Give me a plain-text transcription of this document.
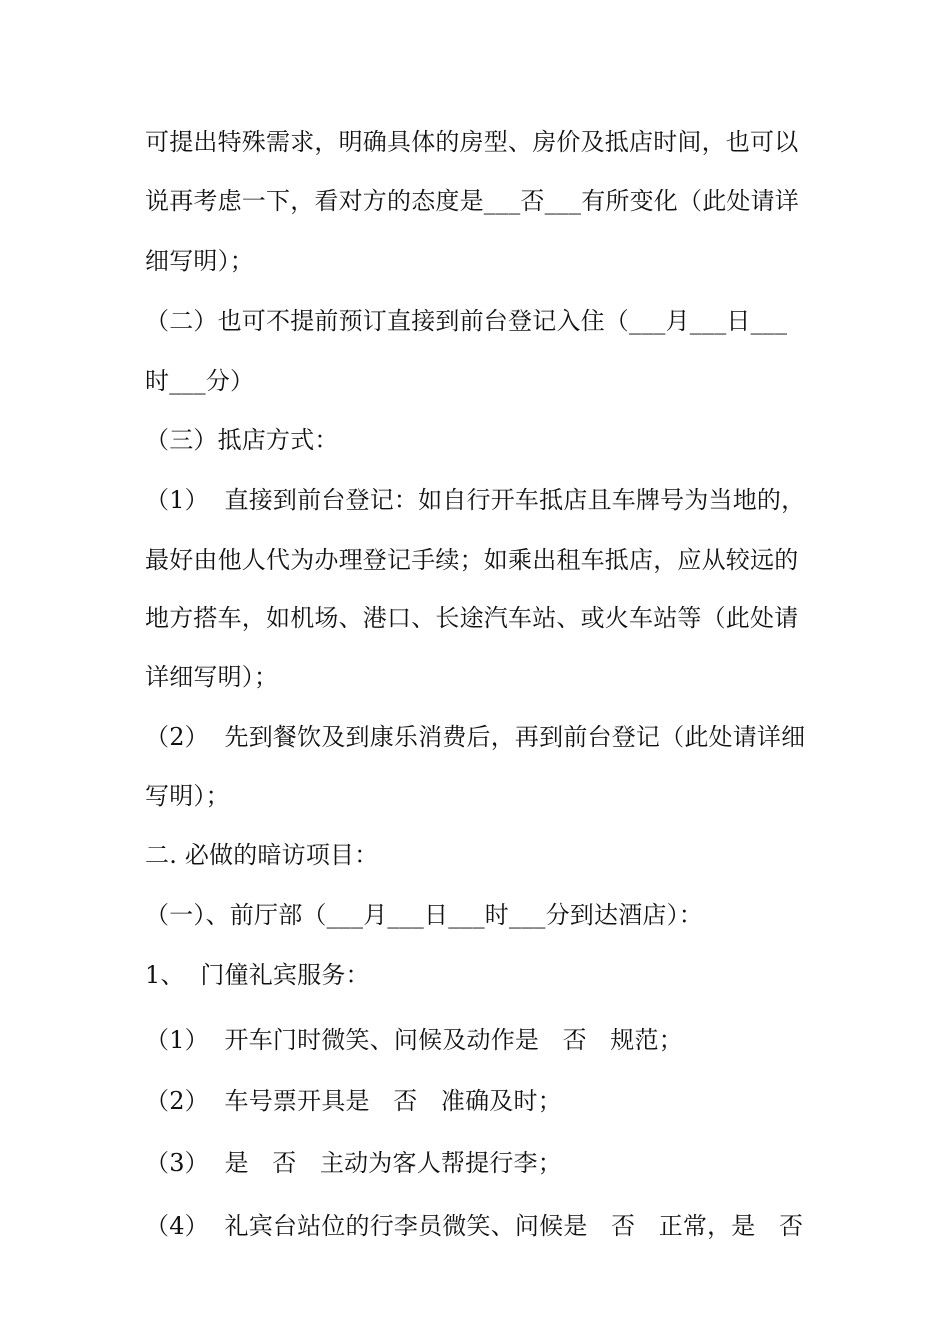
可提出特殊需求，明确具体的房型、房价及抵店时间，也可以
说再考虑一下，看对方的态度是___否___有所变化（此处请详
细写明）；
（二）也可不提前预订直接到前台登记入住（___月___日___
时___分）
（三）抵店方式：
（1）  直接到前台登记：如自行开车抵店且车牌号为当地的，
最好由他人代为办理登记手续；如乘出租车抵店，应从较远的
地方搭车，如机场、港口、长途汽车站、或火车站等（此处请
详细写明）；
（2）  先到餐饮及到康乐消费后，再到前台登记（此处请详细
写明）；
二. 必做的暗访项目：
（一）、前厅部（___月___日___时___分到达酒店）：
1、  门僮礼宾服务：
（1）  开车门时微笑、问候及动作是   否   规范；
（2）  车号票开具是   否   准确及时；
（3）  是   否   主动为客人帮提行李；
（4）  礼宾台站位的行李员微笑、问候是   否   正常，是   否
